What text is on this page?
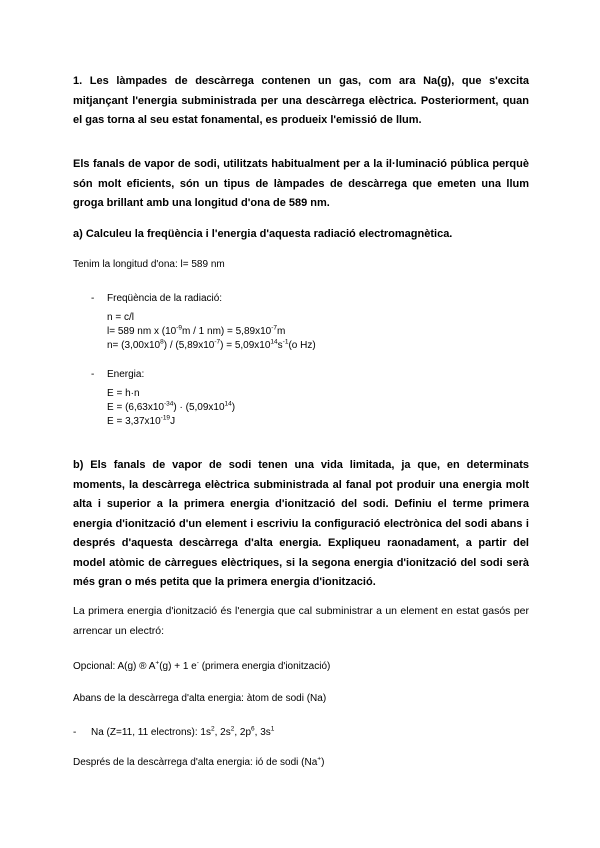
1. Les làmpades de descàrrega contenen un gas, com ara Na(g), que s'excita mitjançant l'energia subministrada per una descàrrega elèctrica. Posteriorment, quan el gas torna al seu estat fonamental, es produeix l'emissió de llum.

Els fanals de vapor de sodi, utilitzats habitualment per a la il·luminació pública perquè són molt eficients, són un tipus de làmpades de descàrrega que emeten una llum groga brillant amb una longitud d'ona de 589 nm.

a) Calculeu la freqüència i l'energia d'aquesta radiació electromagnètica.

Tenim la longitud d'ona: l= 589 nm

- Freqüència de la radiació:
n = c/l
l= 589 nm x ($10^{-9}m / 1$ $nm) = 5,89x10^{-7}m$
$n= (3,00x10^8) / (5,89x10^{-7}) = 5,09x10^{14}s^{-1}(o$ Hz)
- Energia:
E = h·n
$E = (6,63x10^{-34}) \cdot (5,09x10^{14})$
$E = 3,37x10^{-19}J$

b) Els fanals de vapor de sodi tenen una vida limitada, ja que, en determinats moments, la descàrrega elèctrica subministrada al fanal pot produir una energia molt alta i superior a la primera energia d'ionització del sodi. Definiu el terme primera energia d'ionització d'un element i escriviu la configuració electrònica del sodi abans i després d'aquesta descàrrega d'alta energia. Expliqueu raonadament, a partir del model atòmic de càrregues elèctriques, si la segona energia d'ionització del sodi serà més gran o més petita que la primera energia d'ionització.

La primera energia d'ionització és l'energia que cal subministrar a un element en estat gasós per arrencar un electró:

Opcional: A(g) ® A+(g) + 1 e- (primera energia d'ionització)

Abans de la descàrrega d'alta energia: àtom de sodi (Na)

- Na (Z=11, 11 electrons): $1s^2$, $2s^2$, $2p^6$, $3s^1$

Després de la descàrrega d'alta energia: ió de sodi (Na+)
